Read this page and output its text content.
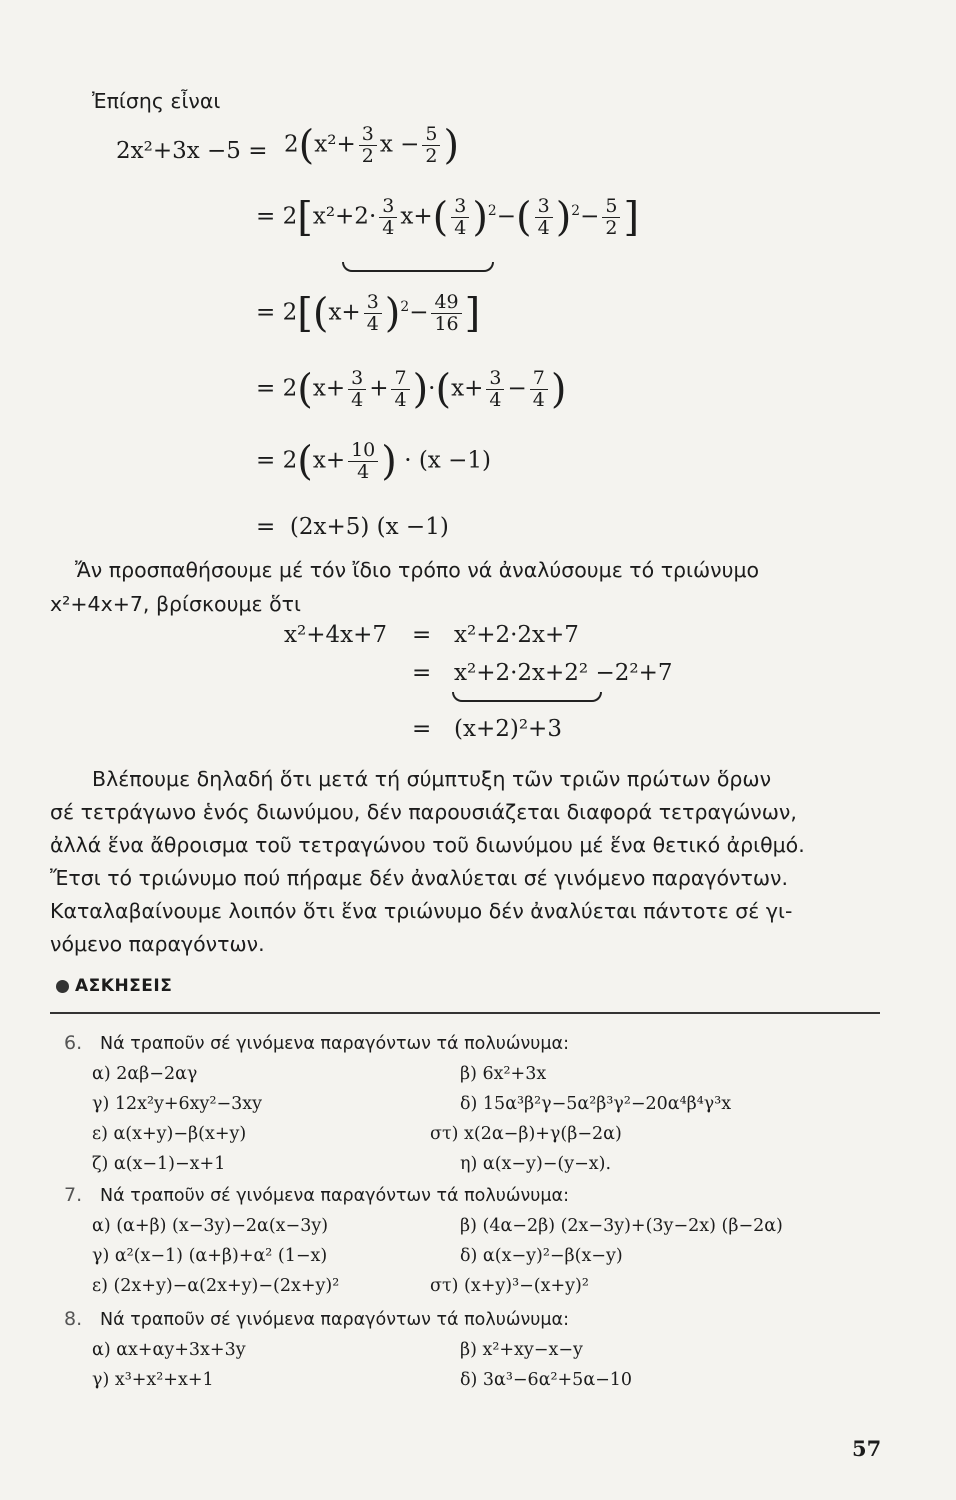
Ἐπίσης εἶναι
$2x^2+3x -5 = 2(x^2+ \frac{3}{2}$ $x - \frac{5}{2}$ )
= $2[x^2+2\cdot \frac{3}{4} x+( \frac{3}{4} )^2-( \frac{3}{4} )^2- \frac{5}{2}$ ]
= $2[(x+ \frac{3}{4} )^2- \frac{49}{16}$ ]
= $2(x+ \frac{3}{4} + \frac{7}{4} )\cdot(x+ \frac{3}{4} - \frac{7}{4}$ )
= $2(x+ \frac{10}{4}$ ) · (x −1)
= (2x+5) (x −1)
Ἄν προσπαθήσουμε μέ τόν ἴδιο τρόπο νά ἀναλύσουμε τό τριώνυμο
x²+4x+7, βρίσκουμε ὅτι
x²+4x+7 = x²+2·2x+7
= x²+2·2x+2² −2²+7
= (x+2)²+3
Βλέπουμε δηλαδή ὅτι μετά τή σύμπτυξη τῶν τριῶν πρώτων ὅρων
σέ τετράγωνο ἑνός διωνύμου, δέν παρουσιάζεται διαφορά τετραγώνων,
ἀλλά ἕνα ἄθροισμα τοῦ τετραγώνου τοῦ διωνύμου μέ ἕνα θετικό ἀριθμό.
Ἔτσι τό τριώνυμο πού πήραμε δέν ἀναλύεται σέ γινόμενο παραγόντων.
Καταλαβαίνουμε λοιπόν ὅτι ἕνα τριώνυμο δέν ἀναλύεται πάντοτε σέ γι-
νόμενο παραγόντων.
ΑΣΚΗΣΕΙΣ
6. Νά τραποῦν σέ γινόμενα παραγόντων τά πολυώνυμα:
α) 2αβ−2αγ	β) 6x²+3x
γ) 12x²y+6xy²−3xy	δ) 15α³β²γ−5α²β³γ²−20α⁴β⁴γ³x
ε) α(x+y)−β(x+y)	στ) x(2α−β)+γ(β−2α)
ζ) α(x−1)−x+1	η) α(x−y)−(y−x).
7. Νά τραποῦν σέ γινόμενα παραγόντων τά πολυώνυμα:
α) (α+β) (x−3y)−2α(x−3y)	β) (4α−2β) (2x−3y)+(3y−2x) (β−2α)
γ) α²(x−1) (α+β)+α² (1−x)	δ) α(x−y)²−β(x−y)
ε) (2x+y)−α(2x+y)−(2x+y)²	στ) (x+y)³−(x+y)²
8. Νά τραποῦν σέ γινόμενα παραγόντων τά πολυώνυμα:
α) αx+αy+3x+3y	β) x²+xy−x−y
γ) x³+x²+x+1	δ) 3α³−6α²+5α−10
57
